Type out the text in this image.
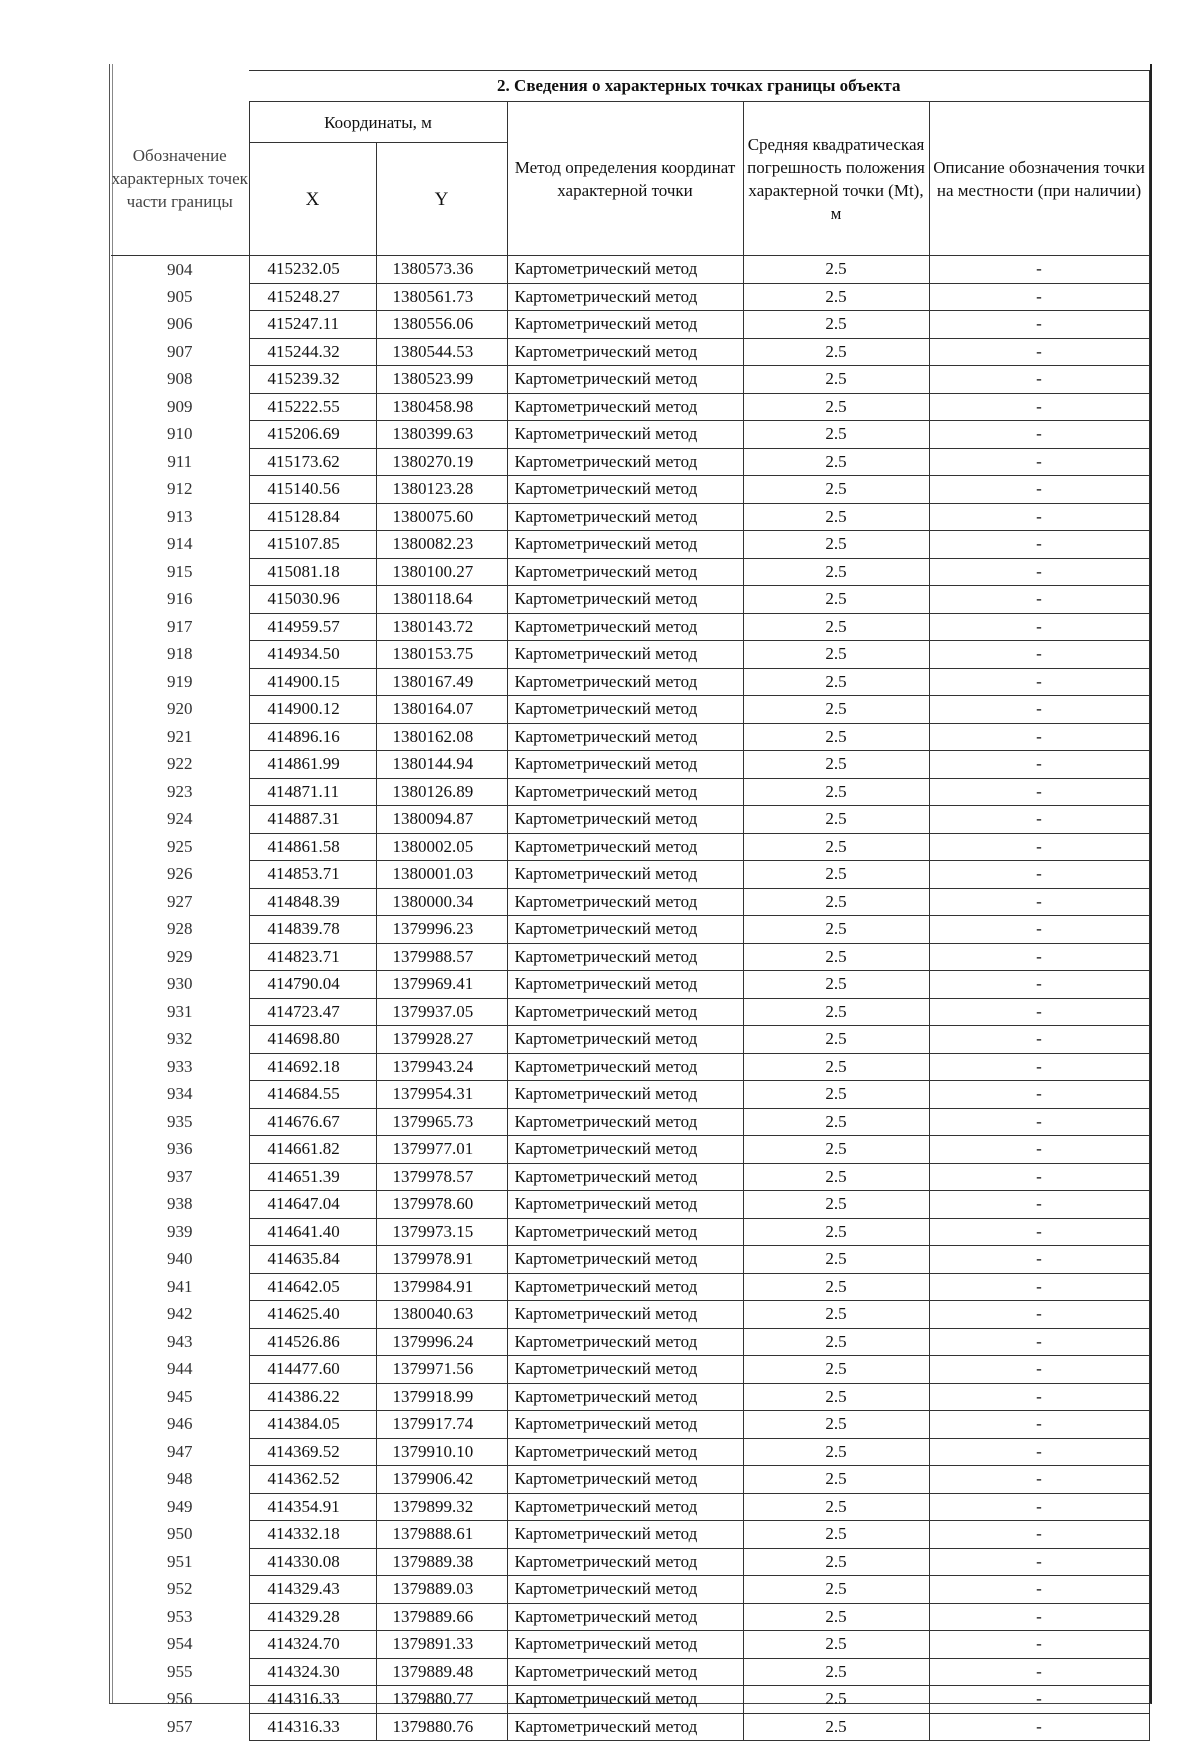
	2. Сведения о характерных точках границы объекта				
Обозначение характерных точек части границы	Координаты, м		Метод определения координат характерной точки	Средняя квадратическая погрешность положения характерной точки (Mt), м	Описание обозначения точки на местности (при наличии)
	X	Y			
904	415232.05	1380573.36	Картометрический метод	2.5	-
905	415248.27	1380561.73	Картометрический метод	2.5	-
906	415247.11	1380556.06	Картометрический метод	2.5	-
907	415244.32	1380544.53	Картометрический метод	2.5	-
908	415239.32	1380523.99	Картометрический метод	2.5	-
909	415222.55	1380458.98	Картометрический метод	2.5	-
910	415206.69	1380399.63	Картометрический метод	2.5	-
911	415173.62	1380270.19	Картометрический метод	2.5	-
912	415140.56	1380123.28	Картометрический метод	2.5	-
913	415128.84	1380075.60	Картометрический метод	2.5	-
914	415107.85	1380082.23	Картометрический метод	2.5	-
915	415081.18	1380100.27	Картометрический метод	2.5	-
916	415030.96	1380118.64	Картометрический метод	2.5	-
917	414959.57	1380143.72	Картометрический метод	2.5	-
918	414934.50	1380153.75	Картометрический метод	2.5	-
919	414900.15	1380167.49	Картометрический метод	2.5	-
920	414900.12	1380164.07	Картометрический метод	2.5	-
921	414896.16	1380162.08	Картометрический метод	2.5	-
922	414861.99	1380144.94	Картометрический метод	2.5	-
923	414871.11	1380126.89	Картометрический метод	2.5	-
924	414887.31	1380094.87	Картометрический метод	2.5	-
925	414861.58	1380002.05	Картометрический метод	2.5	-
926	414853.71	1380001.03	Картометрический метод	2.5	-
927	414848.39	1380000.34	Картометрический метод	2.5	-
928	414839.78	1379996.23	Картометрический метод	2.5	-
929	414823.71	1379988.57	Картометрический метод	2.5	-
930	414790.04	1379969.41	Картометрический метод	2.5	-
931	414723.47	1379937.05	Картометрический метод	2.5	-
932	414698.80	1379928.27	Картометрический метод	2.5	-
933	414692.18	1379943.24	Картометрический метод	2.5	-
934	414684.55	1379954.31	Картометрический метод	2.5	-
935	414676.67	1379965.73	Картометрический метод	2.5	-
936	414661.82	1379977.01	Картометрический метод	2.5	-
937	414651.39	1379978.57	Картометрический метод	2.5	-
938	414647.04	1379978.60	Картометрический метод	2.5	-
939	414641.40	1379973.15	Картометрический метод	2.5	-
940	414635.84	1379978.91	Картометрический метод	2.5	-
941	414642.05	1379984.91	Картометрический метод	2.5	-
942	414625.40	1380040.63	Картометрический метод	2.5	-
943	414526.86	1379996.24	Картометрический метод	2.5	-
944	414477.60	1379971.56	Картометрический метод	2.5	-
945	414386.22	1379918.99	Картометрический метод	2.5	-
946	414384.05	1379917.74	Картометрический метод	2.5	-
947	414369.52	1379910.10	Картометрический метод	2.5	-
948	414362.52	1379906.42	Картометрический метод	2.5	-
949	414354.91	1379899.32	Картометрический метод	2.5	-
950	414332.18	1379888.61	Картометрический метод	2.5	-
951	414330.08	1379889.38	Картометрический метод	2.5	-
952	414329.43	1379889.03	Картометрический метод	2.5	-
953	414329.28	1379889.66	Картометрический метод	2.5	-
954	414324.70	1379891.33	Картометрический метод	2.5	-
955	414324.30	1379889.48	Картометрический метод	2.5	-
956	414316.33	1379880.77	Картометрический метод	2.5	-
957	414316.33	1379880.76	Картометрический метод	2.5	-
